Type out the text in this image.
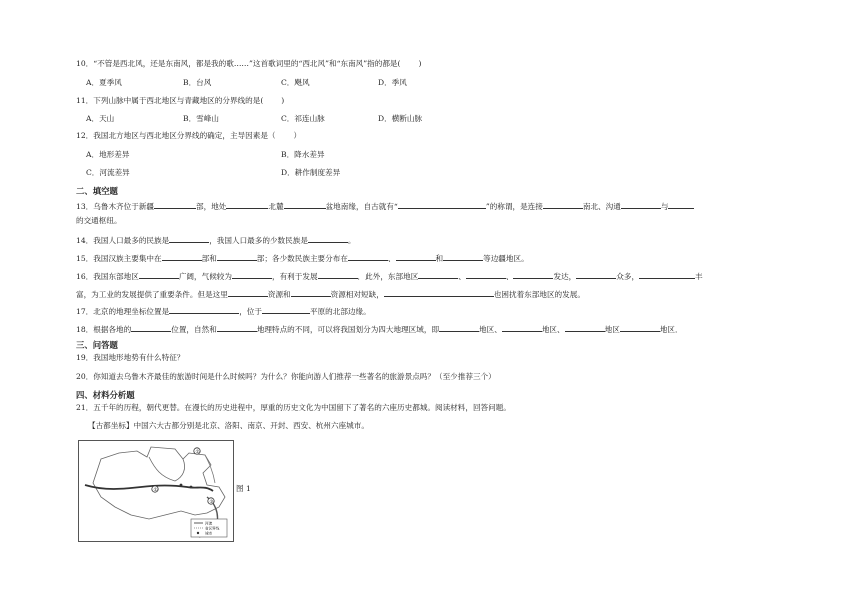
10．“不管是西北风，还是东南风，都是我的歌……”这首歌词里的“西北风”和“东南风”指的都是( )
A．夏季风	B．台风	C．飓风	D．季风
11．下列山脉中属于西北地区与青藏地区的分界线的是( )
A．天山	B．雪峰山	C．祁连山脉	D．横断山脉
12．我国北方地区与西北地区分界线的确定，主导因素是（ ）
A．地形差异	B．降水差异
C．河流差异	D．耕作制度差异
二、填空题
13．乌鲁木齐位于新疆	部，地处	北麓	盆地南缘，自古就有“	”的称谓，是连接	南北、沟通	与
的交通枢纽。
14．我国人口最多的民族是	，我国人口最多的少数民族是	。
15．我国汉族主要集中在	部和	部；各少数民族主要分布在	、	和	等边疆地区。
16．我国东部地区	广阔，气候较为	，有利于发展	．此外，东部地区	、	、	发达，	众多，	丰
富，为工业的发展提供了重要条件。但是这里	资源和	资源相对短缺，	也困扰着东部地区的发展。
17．北京的地理坐标位置是	，位于	平原的北部边缘。
18．根据各地的	位置，自然和	地理特点的不同，可以将我国划分为四大地理区域，即	地区、	地区、	地区	地区．
三、问答题
19．我国地形地势有什么特征？
20．你知道去乌鲁木齐最佳的旅游时间是什么时候吗？为什么？你能向游人们推荐一些著名的旅游景点吗？（至少推荐三个）
四、材料分析题
21．五千年的历程，朝代更替。在漫长的历史进程中，厚重的历史文化为中国留下了著名的六座历史都城。阅读材料，回答问题。
【古都坐标】中国六大古都分别是北京、洛阳、南京、开封、西安、杭州六座城市。
①
②
③
河流
省区界线
城市
图 1
